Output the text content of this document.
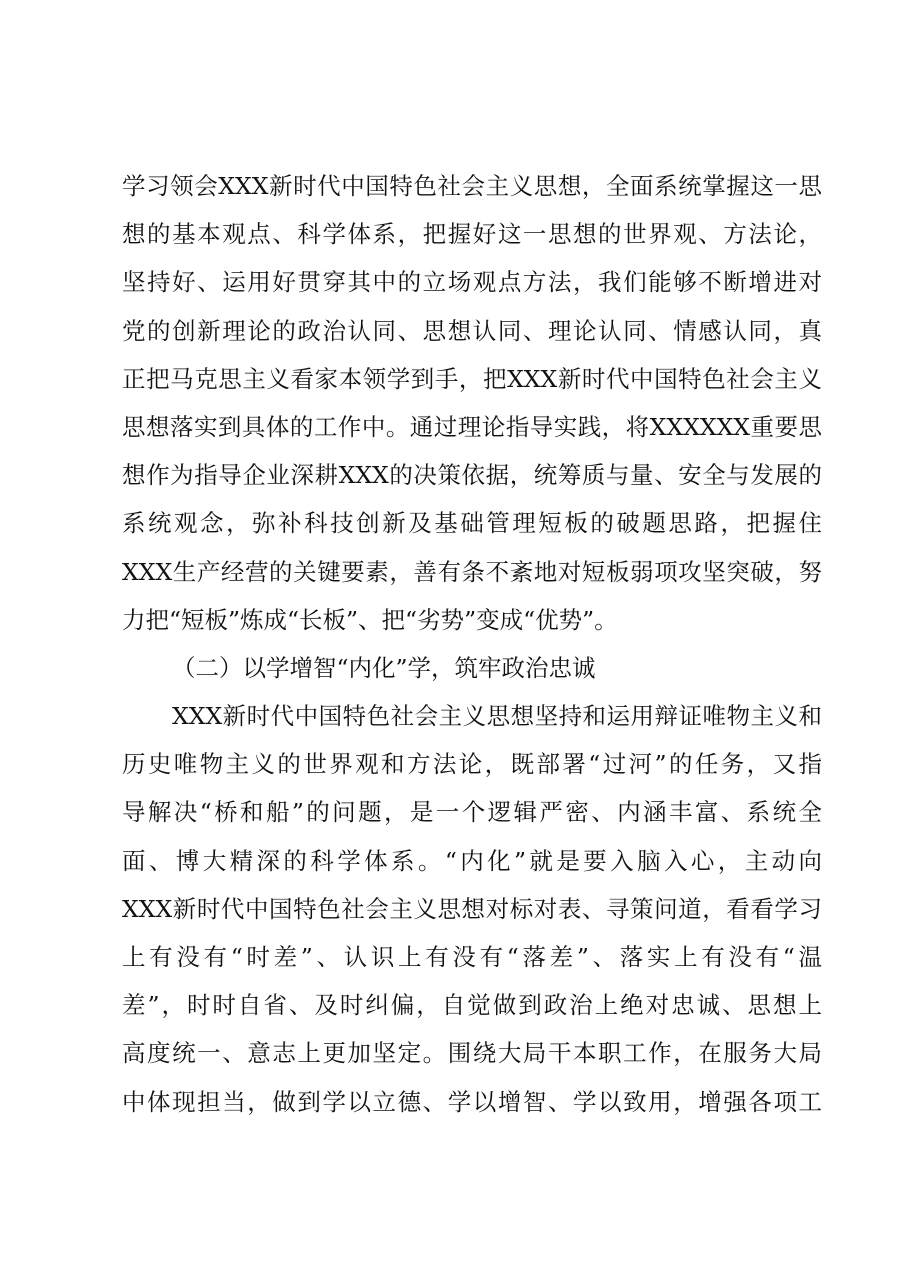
学习领会XXX新时代中国特色社会主义思想，全面系统掌握这一思
想的基本观点、科学体系，把握好这一思想的世界观、方法论，
坚持好、运用好贯穿其中的立场观点方法，我们能够不断增进对
党的创新理论的政治认同、思想认同、理论认同、情感认同，真
正把马克思主义看家本领学到手，把XXX新时代中国特色社会主义
思想落实到具体的工作中。通过理论指导实践，将XXXXXX重要思
想作为指导企业深耕XXX的决策依据，统筹质与量、安全与发展的
系统观念，弥补科技创新及基础管理短板的破题思路，把握住
XXX生产经营的关键要素，善有条不紊地对短板弱项攻坚突破，努
力把“短板”炼成“长板”、把“劣势”变成“优势”。
（二）以学增智“内化”学，筑牢政治忠诚
XXX新时代中国特色社会主义思想坚持和运用辩证唯物主义和
历史唯物主义的世界观和方法论，既部署“过河”的任务，又指
导解决“桥和船”的问题，是一个逻辑严密、内涵丰富、系统全
面、博大精深的科学体系。“内化”就是要入脑入心，主动向
XXX新时代中国特色社会主义思想对标对表、寻策问道，看看学习
上有没有“时差”、认识上有没有“落差”、落实上有没有“温
差”，时时自省、及时纠偏，自觉做到政治上绝对忠诚、思想上
高度统一、意志上更加坚定。围绕大局干本职工作，在服务大局
中体现担当，做到学以立德、学以增智、学以致用，增强各项工
